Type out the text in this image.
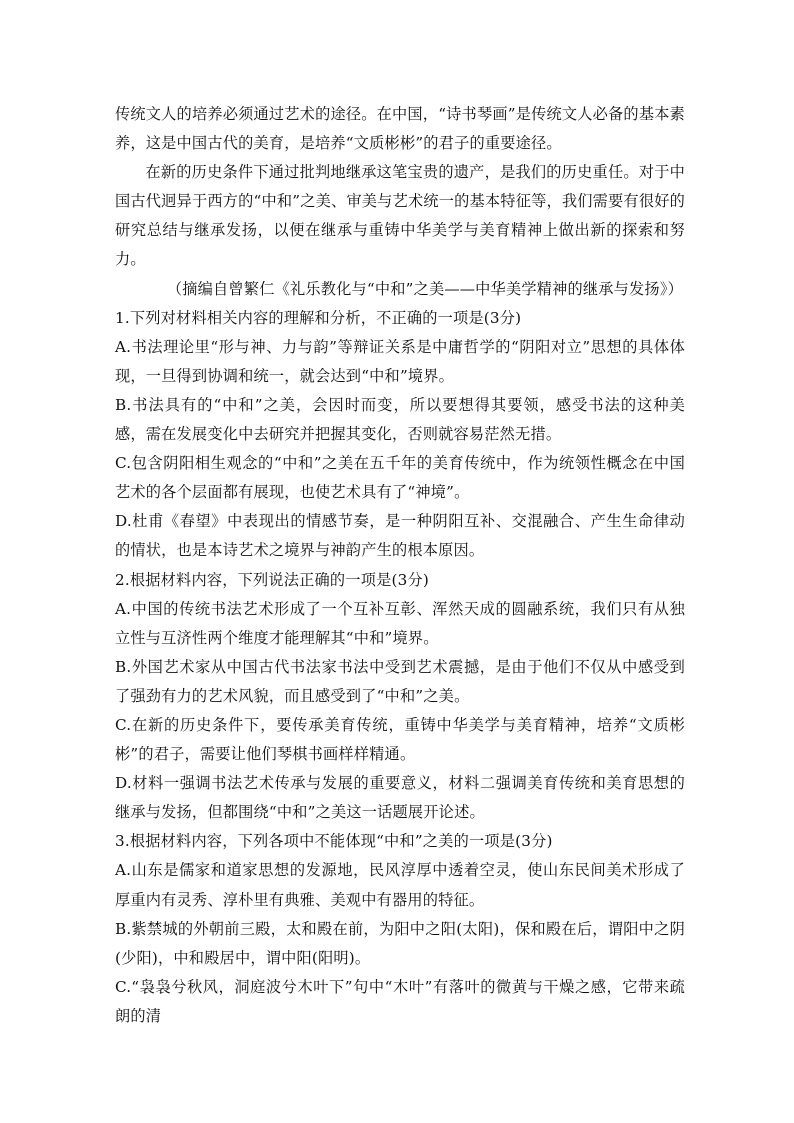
传统文人的培养必须通过艺术的途径。在中国，“诗书琴画”是传统文人必备的基本素养，这是中国古代的美育，是培养“文质彬彬”的君子的重要途径。

在新的历史条件下通过批判地继承这笔宝贵的遗产，是我们的历史重任。对于中国古代迥异于西方的“中和”之美、审美与艺术统一的基本特征等，我们需要有很好的研究总结与继承发扬，以便在继承与重铸中华美学与美育精神上做出新的探索和努力。

（摘编自曾繁仁《礼乐教化与“中和”之美——中华美学精神的继承与发扬》）

1.下列对材料相关内容的理解和分析，不正确的一项是(3分)

A.书法理论里“形与神、力与韵”等辩证关系是中庸哲学的“阴阳对立”思想的具体体现，一旦得到协调和统一，就会达到“中和”境界。

B.书法具有的“中和”之美，会因时而变，所以要想得其要领，感受书法的这种美感，需在发展变化中去研究并把握其变化，否则就容易茫然无措。

C.包含阴阳相生观念的“中和”之美在五千年的美育传统中，作为统领性概念在中国艺术的各个层面都有展现，也使艺术具有了“神境”。

D.杜甫《春望》中表现出的情感节奏，是一种阴阳互补、交混融合、产生生命律动的情状，也是本诗艺术之境界与神韵产生的根本原因。

2.根据材料内容，下列说法正确的一项是(3分)

A.中国的传统书法艺术形成了一个互补互彰、浑然天成的圆融系统，我们只有从独立性与互济性两个维度才能理解其“中和”境界。

B.外国艺术家从中国古代书法家书法中受到艺术震撼，是由于他们不仅从中感受到了强劲有力的艺术风貌，而且感受到了“中和”之美。

C.在新的历史条件下，要传承美育传统，重铸中华美学与美育精神，培养“文质彬彬”的君子，需要让他们琴棋书画样样精通。

D.材料一强调书法艺术传承与发展的重要意义，材料二强调美育传统和美育思想的继承与发扬，但都围绕“中和”之美这一话题展开论述。

3.根据材料内容，下列各项中不能体现“中和”之美的一项是(3分)

A.山东是儒家和道家思想的发源地，民风淳厚中透着空灵，使山东民间美术形成了厚重内有灵秀、淳朴里有典雅、美观中有器用的特征。

B.紫禁城的外朝前三殿，太和殿在前，为阳中之阳(太阳)，保和殿在后，谓阳中之阴(少阳)，中和殿居中，谓中阳(阳明)。

C.“袅袅兮秋风，洞庭波兮木叶下”句中“木叶”有落叶的微黄与干燥之感，它带来疏朗的清
